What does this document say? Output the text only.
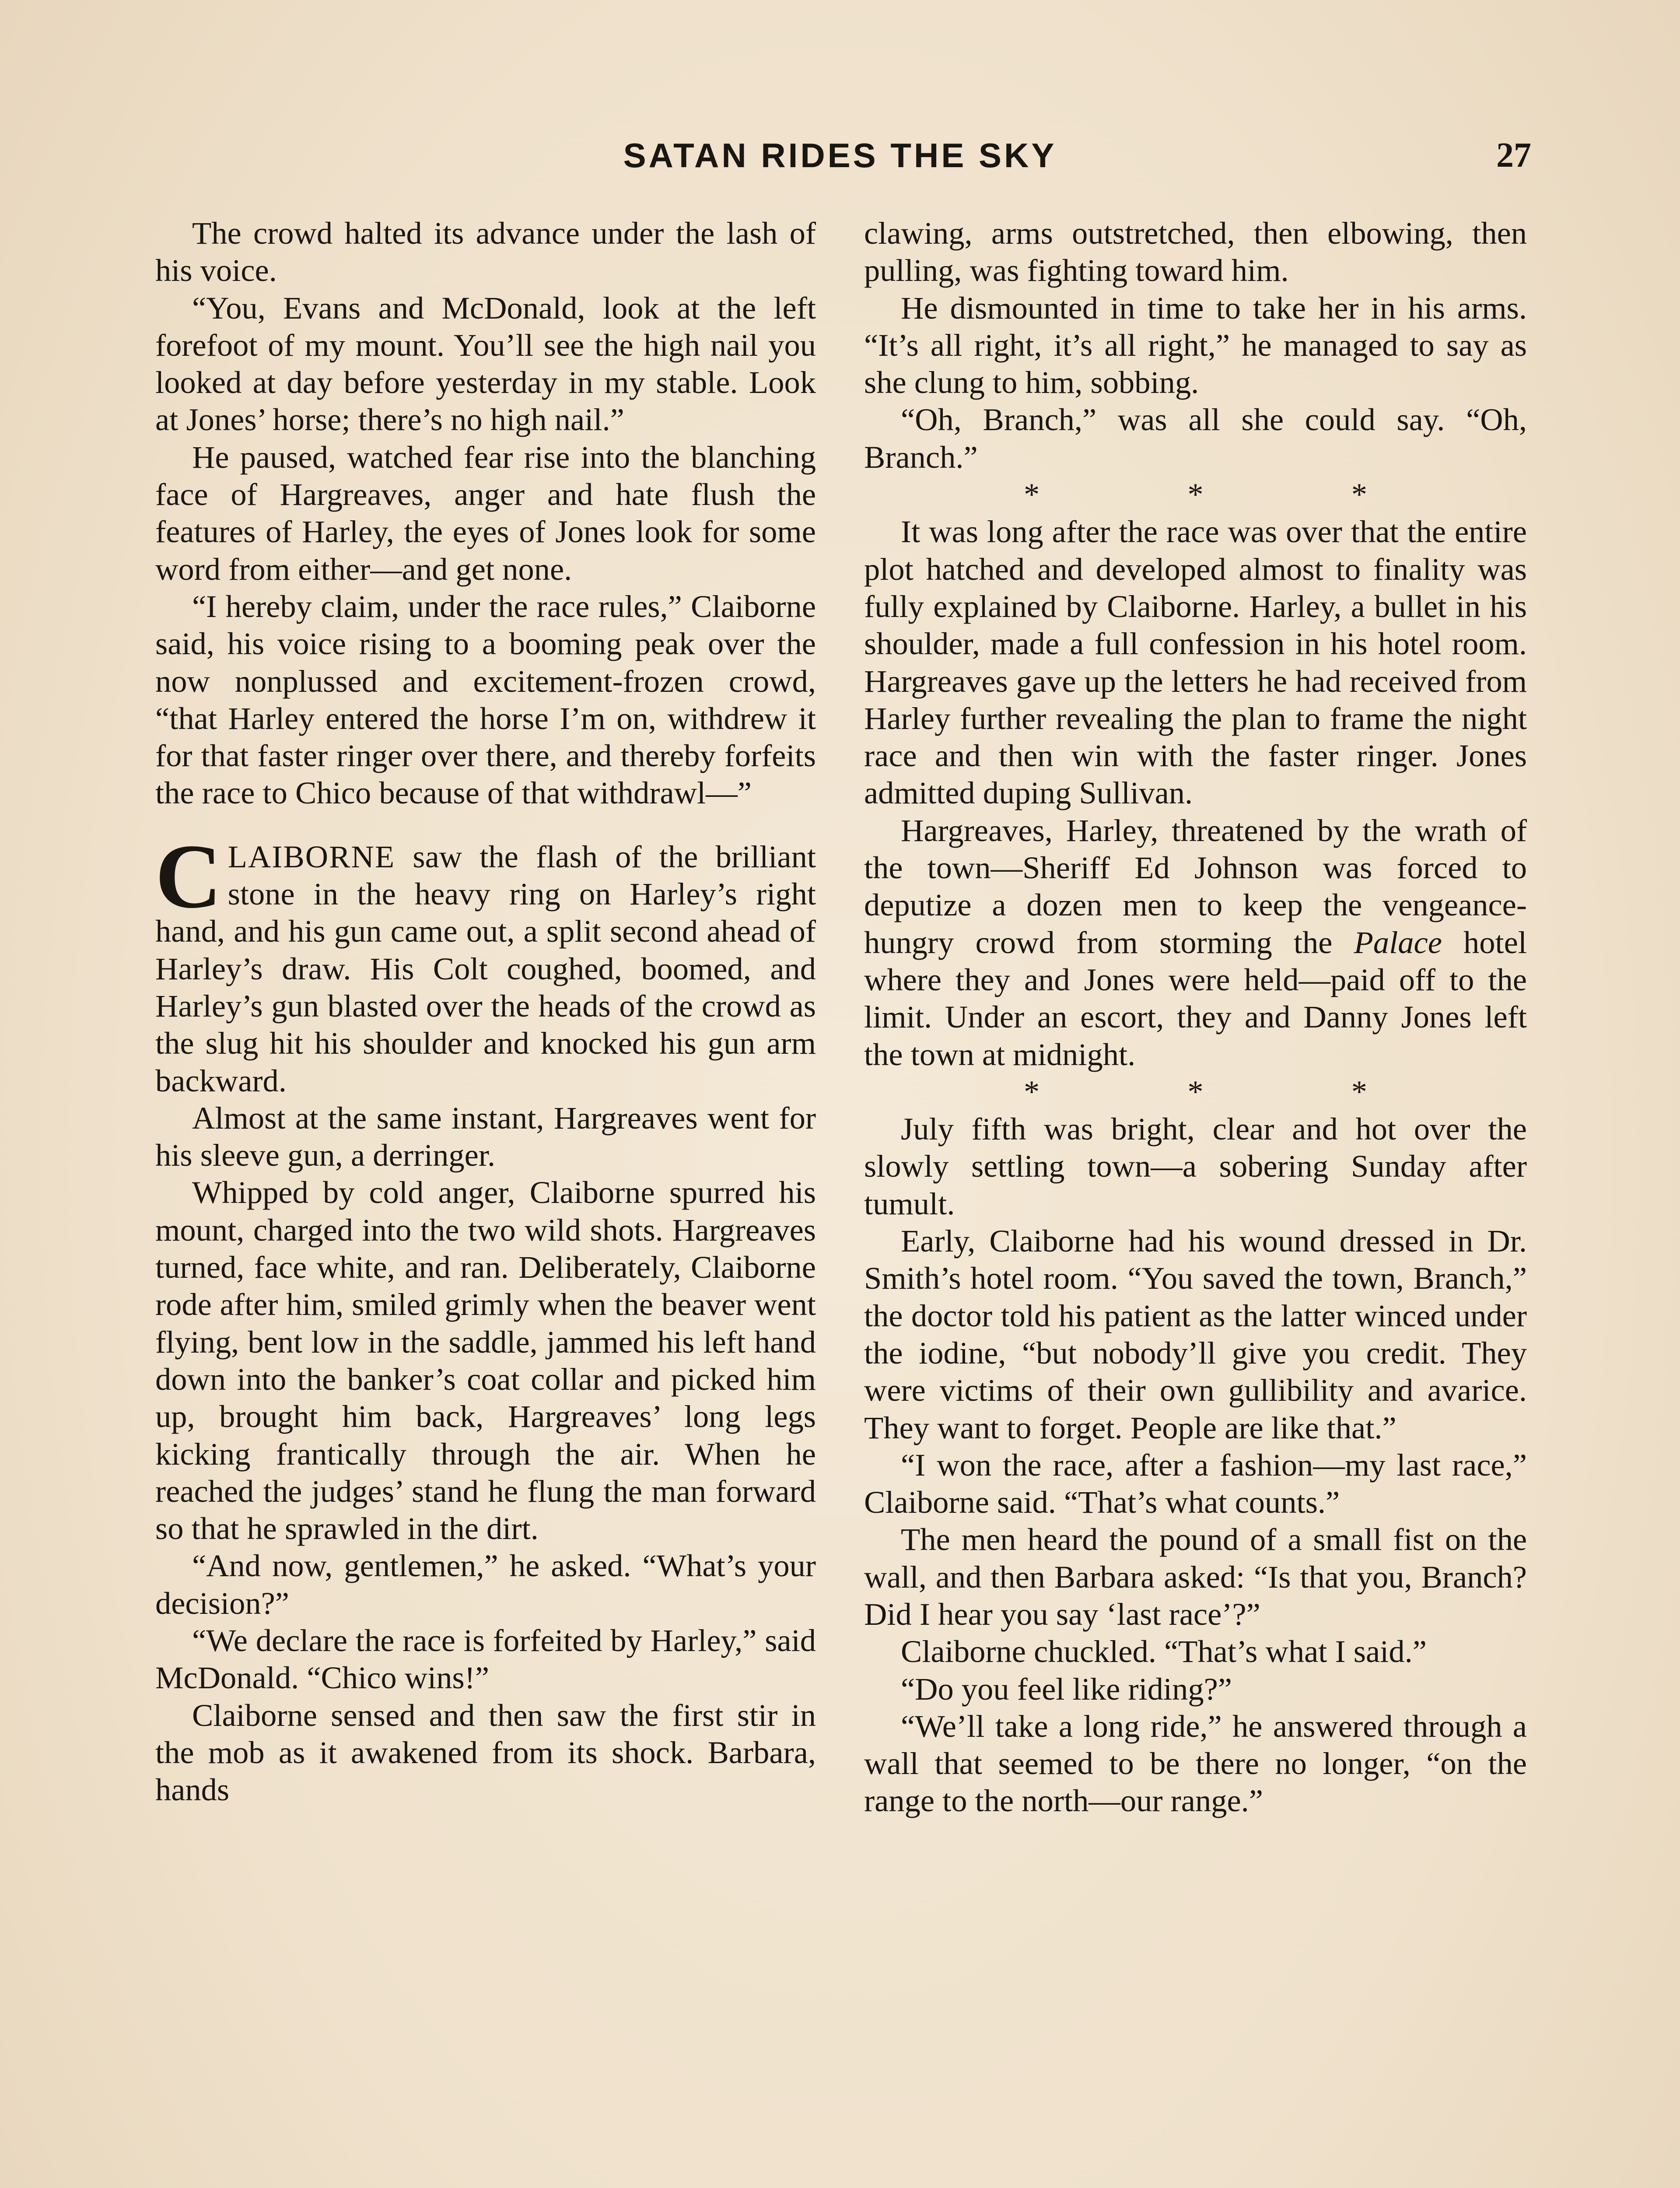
SATAN RIDES THE SKY	27

The crowd halted its advance under the lash of his voice.

“You, Evans and McDonald, look at the left forefoot of my mount. You’ll see the high nail you looked at day before yesterday in my stable. Look at Jones’ horse; there’s no high nail.”

He paused, watched fear rise into the blanching face of Hargreaves, anger and hate flush the features of Harley, the eyes of Jones look for some word from either—and get none.

“I hereby claim, under the race rules,” Claiborne said, his voice rising to a booming peak over the now nonplussed and excitement-frozen crowd, “that Harley entered the horse I’m on, withdrew it for that faster ringer over there, and thereby forfeits the race to Chico because of that withdrawl—”

CLAIBORNE saw the flash of the brilliant stone in the heavy ring on Harley’s right hand, and his gun came out, a split second ahead of Harley’s draw. His Colt coughed, boomed, and Harley’s gun blasted over the heads of the crowd as the slug hit his shoulder and knocked his gun arm backward.

Almost at the same instant, Hargreaves went for his sleeve gun, a derringer.

Whipped by cold anger, Claiborne spurred his mount, charged into the two wild shots. Hargreaves turned, face white, and ran. Deliberately, Claiborne rode after him, smiled grimly when the beaver went flying, bent low in the saddle, jammed his left hand down into the banker’s coat collar and picked him up, brought him back, Hargreaves’ long legs kicking frantically through the air. When he reached the judges’ stand he flung the man forward so that he sprawled in the dirt.

“And now, gentlemen,” he asked. “What’s your decision?”

“We declare the race is forfeited by Harley,” said McDonald. “Chico wins!”

Claiborne sensed and then saw the first stir in the mob as it awakened from its shock. Barbara, hands

clawing, arms outstretched, then elbowing, then pulling, was fighting toward him.

He dismounted in time to take her in his arms. “It’s all right, it’s all right,” he managed to say as she clung to him, sobbing.

“Oh, Branch,” was all she could say. “Oh, Branch.”

* * *

It was long after the race was over that the entire plot hatched and developed almost to finality was fully explained by Claiborne. Harley, a bullet in his shoulder, made a full confession in his hotel room. Hargreaves gave up the letters he had received from Harley further revealing the plan to frame the night race and then win with the faster ringer. Jones admitted duping Sullivan.

Hargreaves, Harley, threatened by the wrath of the town—Sheriff Ed Johnson was forced to deputize a dozen men to keep the vengeance-hungry crowd from storming the Palace hotel where they and Jones were held—paid off to the limit. Under an escort, they and Danny Jones left the town at midnight.

* * *

July fifth was bright, clear and hot over the slowly settling town—a sobering Sunday after tumult.

Early, Claiborne had his wound dressed in Dr. Smith’s hotel room. “You saved the town, Branch,” the doctor told his patient as the latter winced under the iodine, “but nobody’ll give you credit. They were victims of their own gullibility and avarice. They want to forget. People are like that.”

“I won the race, after a fashion—my last race,” Claiborne said. “That’s what counts.”

The men heard the pound of a small fist on the wall, and then Barbara asked: “Is that you, Branch? Did I hear you say ‘last race’?”

Claiborne chuckled. “That’s what I said.”

“Do you feel like riding?”

“We’ll take a long ride,” he answered through a wall that seemed to be there no longer, “on the range to the north—our range.”
